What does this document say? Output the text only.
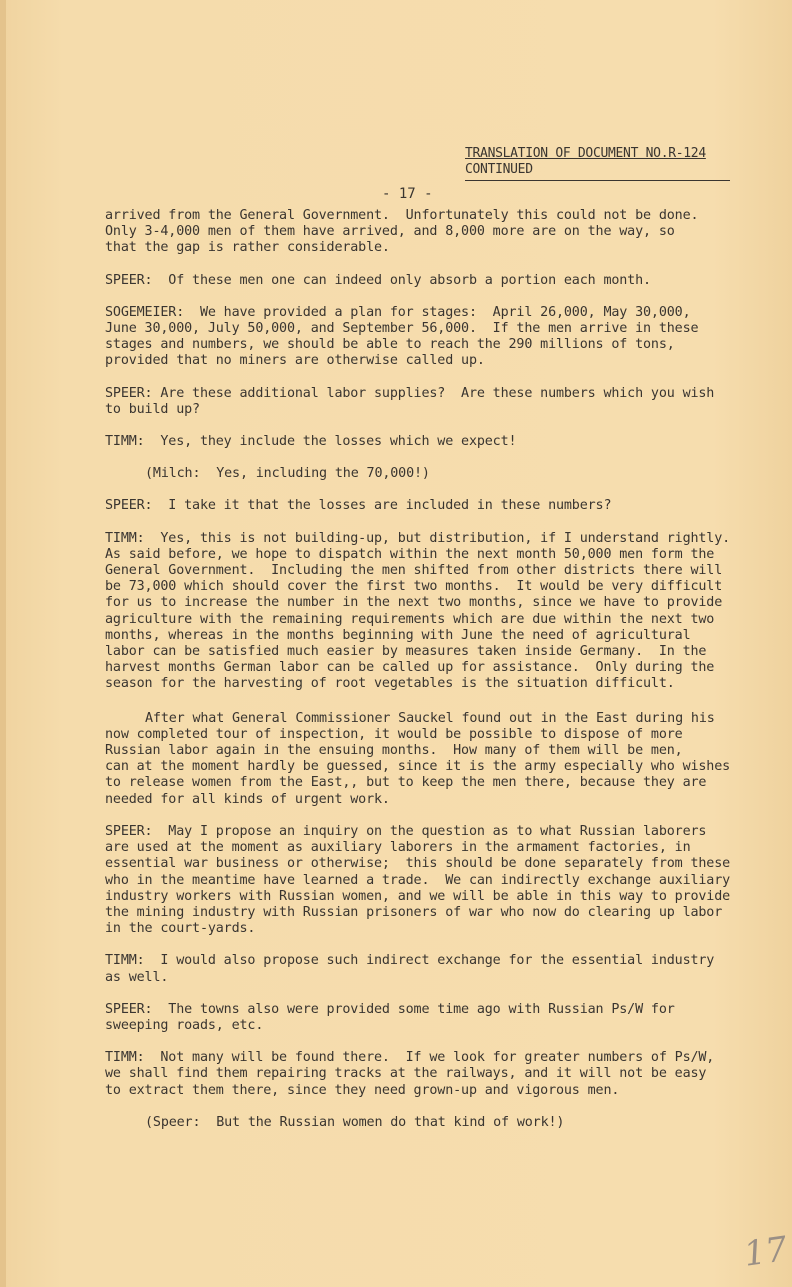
TRANSLATION OF DOCUMENT NO.R-124
CONTINUED
- 17 -

arrived from the General Government.  Unfortunately this could not be done.
Only 3-4,000 men of them have arrived, and 8,000 more are on the way, so
that the gap is rather considerable.

SPEER:  Of these men one can indeed only absorb a portion each month.

SOGEMEIER:  We have provided a plan for stages:  April 26,000, May 30,000,
June 30,000, July 50,000, and September 56,000.  If the men arrive in these
stages and numbers, we should be able to reach the 290 millions of tons,
provided that no miners are otherwise called up.

SPEER: Are these additional labor supplies?  Are these numbers which you wish
to build up?

TIMM:  Yes, they include the losses which we expect!

(Milch:  Yes, including the 70,000!)

SPEER:  I take it that the losses are included in these numbers?

TIMM:  Yes, this is not building-up, but distribution, if I understand rightly.
As said before, we hope to dispatch within the next month 50,000 men form the
General Government.  Including the men shifted from other districts there will
be 73,000 which should cover the first two months.  It would be very difficult
for us to increase the number in the next two months, since we have to provide
agriculture with the remaining requirements which are due within the next two
months, whereas in the months beginning with June the need of agricultural
labor can be satisfied much easier by measures taken inside Germany.  In the
harvest months German labor can be called up for assistance.  Only during the
season for the harvesting of root vegetables is the situation difficult.

After what General Commissioner Sauckel found out in the East during his
now completed tour of inspection, it would be possible to dispose of more
Russian labor again in the ensuing months.  How many of them will be men,
can at the moment hardly be guessed, since it is the army especially who wishes
to release women from the East,, but to keep the men there, because they are
needed for all kinds of urgent work.

SPEER:  May I propose an inquiry on the question as to what Russian laborers
are used at the moment as auxiliary laborers in the armament factories, in
essential war business or otherwise;  this should be done separately from these
who in the meantime have learned a trade.  We can indirectly exchange auxiliary
industry workers with Russian women, and we will be able in this way to provide
the mining industry with Russian prisoners of war who now do clearing up labor
in the court-yards.

TIMM:  I would also propose such indirect exchange for the essential industry
as well.

SPEER:  The towns also were provided some time ago with Russian Ps/W for
sweeping roads, etc.

TIMM:  Not many will be found there.  If we look for greater numbers of Ps/W,
we shall find them repairing tracks at the railways, and it will not be easy
to extract them there, since they need grown-up and vigorous men.

(Speer:  But the Russian women do that kind of work!)

17
